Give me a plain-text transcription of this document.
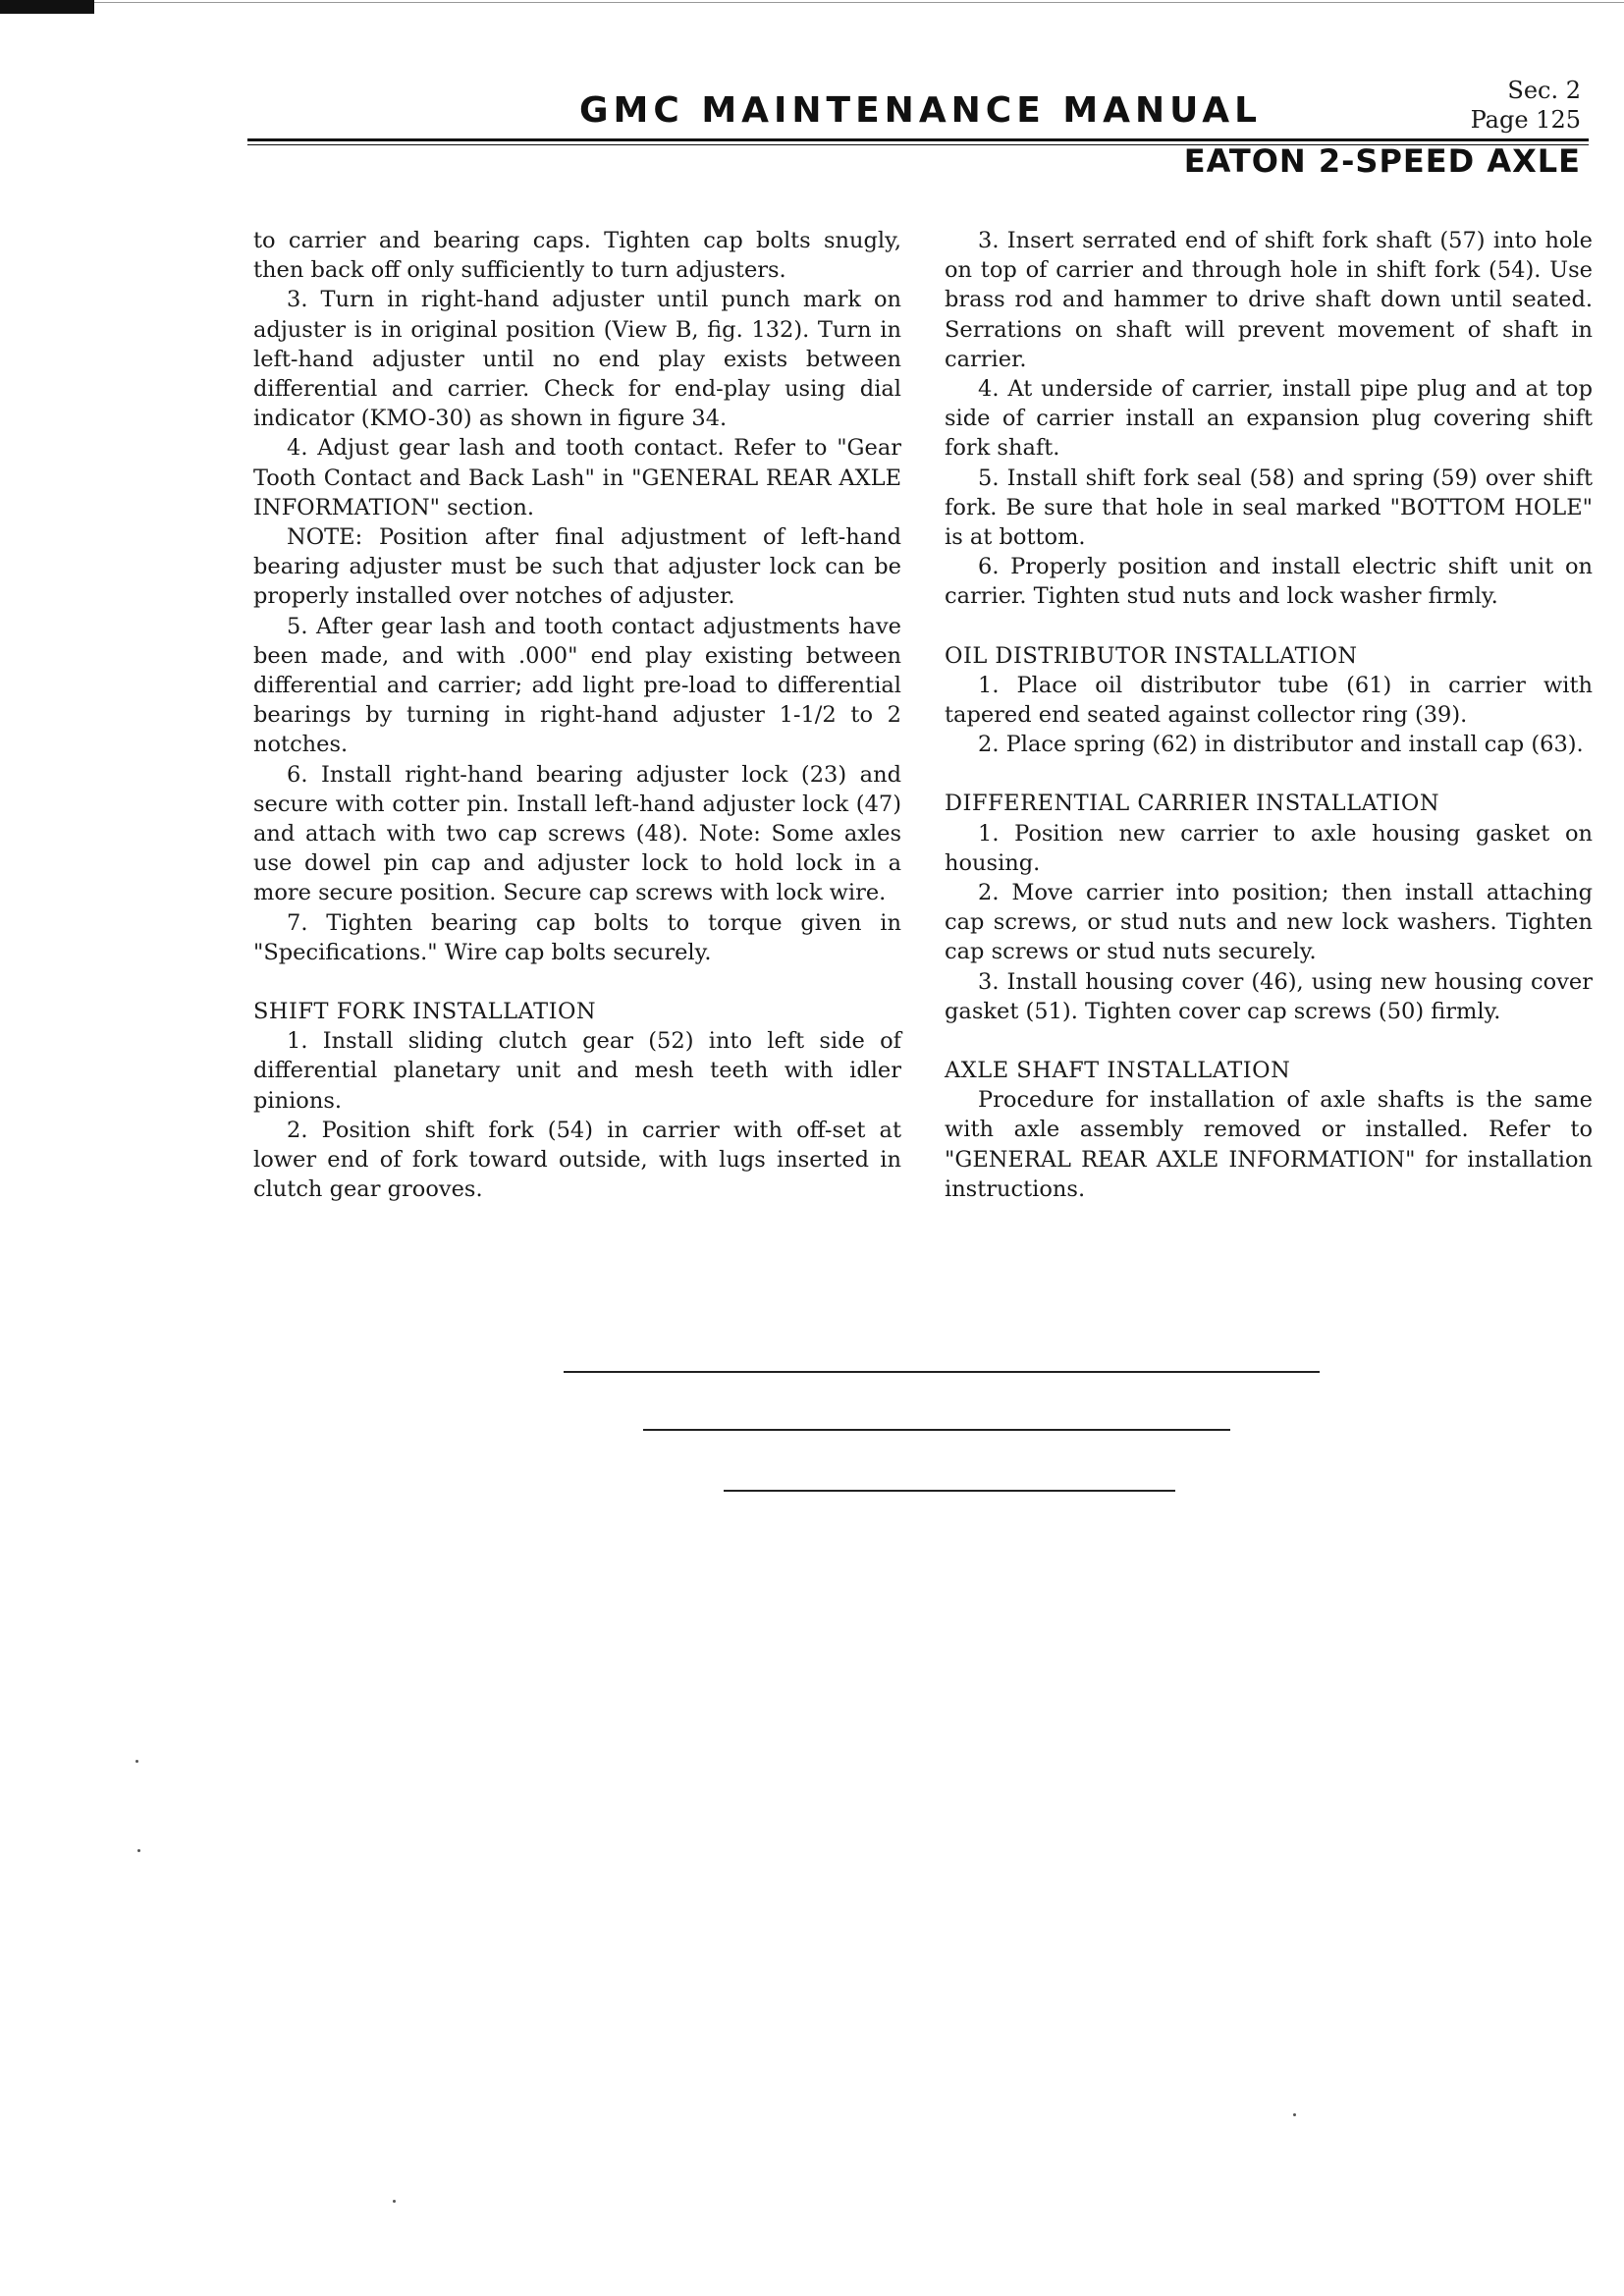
GMC MAINTENANCE MANUAL	Sec. 2
Page 125
EATON 2-SPEED AXLE

to carrier and bearing caps. Tighten cap bolts snugly, then back off only sufficiently to turn adjusters.

3. Turn in right-hand adjuster until punch mark on adjuster is in original position (View B, fig. 132). Turn in left-hand adjuster until no end play exists between differential and carrier. Check for end-play using dial indicator (KMO-30) as shown in figure 34.

4. Adjust gear lash and tooth contact. Refer to "Gear Tooth Contact and Back Lash" in "GENERAL REAR AXLE INFORMATION" section.

NOTE: Position after final adjustment of left-hand bearing adjuster must be such that adjuster lock can be properly installed over notches of adjuster.

5. After gear lash and tooth contact adjustments have been made, and with .000" end play existing between differential and carrier; add light pre-load to differential bearings by turning in right-hand adjuster 1-1/2 to 2 notches.

6. Install right-hand bearing adjuster lock (23) and secure with cotter pin. Install left-hand adjuster lock (47) and attach with two cap screws (48). Note: Some axles use dowel pin cap and adjuster lock to hold lock in a more secure position. Secure cap screws with lock wire.

7. Tighten bearing cap bolts to torque given in "Specifications." Wire cap bolts securely.

SHIFT FORK INSTALLATION

1. Install sliding clutch gear (52) into left side of differential planetary unit and mesh teeth with idler pinions.

2. Position shift fork (54) in carrier with off-set at lower end of fork toward outside, with lugs inserted in clutch gear grooves.

3. Insert serrated end of shift fork shaft (57) into hole on top of carrier and through hole in shift fork (54). Use brass rod and hammer to drive shaft down until seated. Serrations on shaft will prevent movement of shaft in carrier.

4. At underside of carrier, install pipe plug and at top side of carrier install an expansion plug covering shift fork shaft.

5. Install shift fork seal (58) and spring (59) over shift fork. Be sure that hole in seal marked "BOTTOM HOLE" is at bottom.

6. Properly position and install electric shift unit on carrier. Tighten stud nuts and lock washer firmly.

OIL DISTRIBUTOR INSTALLATION

1. Place oil distributor tube (61) in carrier with tapered end seated against collector ring (39).

2. Place spring (62) in distributor and install cap (63).

DIFFERENTIAL CARRIER INSTALLATION

1. Position new carrier to axle housing gasket on housing.

2. Move carrier into position; then install attaching cap screws, or stud nuts and new lock washers. Tighten cap screws or stud nuts securely.

3. Install housing cover (46), using new housing cover gasket (51). Tighten cover cap screws (50) firmly.

AXLE SHAFT INSTALLATION

Procedure for installation of axle shafts is the same with axle assembly removed or installed. Refer to "GENERAL REAR AXLE INFORMATION" for installation instructions.
